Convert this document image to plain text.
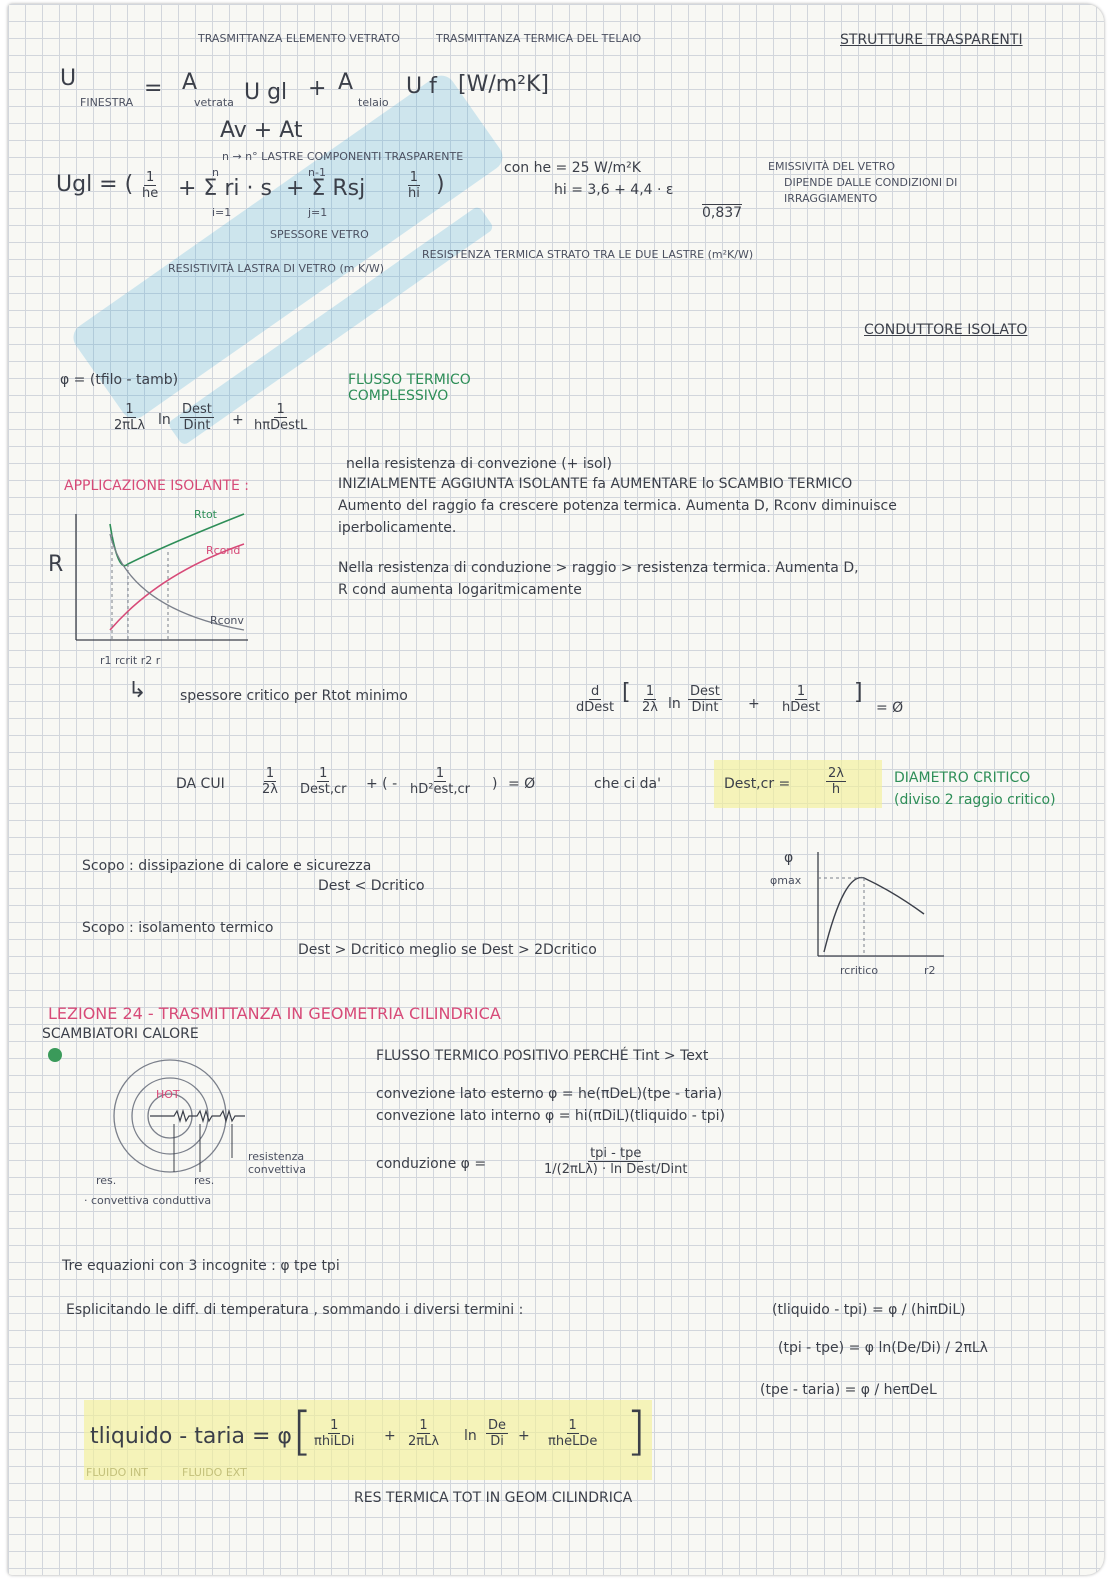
TRASMITTANZA ELEMENTO VETRATO	TRASMITTANZA TERMICA DEL TELAIO	STRUTTURE TRASPARENTI
U
FINESTRA
= A
vetrata U gl + A
telaio
U f [W/m²K]
Av + At
n → n° LASTRE COMPONENTI TRASPARENTE
Ugl = ( $\frac{1}{he}$	n
+ Σ ri · s
i=1
n-1
+ Σ Rsj
j=1
$\frac{1}{hi}$ )
SPESSORE VETRO
RESISTIVITÀ LASTRA DI VETRO (m K/W)
RESISTENZA TERMICA STRATO TRA LE DUE LASTRE (m²K/W)
con he = 25 W/m²K
hi = 3,6 + 4,4 · ε
0,837
EMISSIVITÀ DEL VETRO
DIPENDE DALLE CONDIZIONI DI
IRRAGGIAMENTO
CONDUTTORE ISOLATO
φ = (tfilo - tamb)
1
2πLλ ln
Dest
Dint +
1
hπDestL
FLUSSO TERMICO COMPLESSIVO
nella resistenza di convezione (+ isol)
APPLICAZIONE ISOLANTE :	INIZIALMENTE AGGIUNTA ISOLANTE fa AUMENTARE lo SCAMBIO TERMICO
Aumento del raggio fa crescere potenza termica. Aumenta D, Rconv diminuisce
iperbolicamente.
Nella resistenza di conduzione > raggio > resistenza termica. Aumenta D,
R cond aumenta logaritmicamente
R
Rtot
Rcond
Rconv
r1 rcrit r2 r
↳ spessore critico per Rtot minimo	d
dDest
[ $\frac{1}{2\lambda}$ ln
Dest
Dint +
1
hDest
]
= Ø
DA CUI	$\frac{1}{2\lambda}$	1
Dest,cr + ( -
1
hD²est,cr ) = Ø	che ci da'	Dest,cr =	$\frac{2\lambda}{h}$	DIAMETRO CRITICO
(diviso 2 raggio critico)
Scopo : dissipazione di calore e sicurezza
Dest < Dcritico
Scopo : isolamento termico
Dest > Dcritico meglio se Dest > 2Dcritico
φ
φmax
rcritico	r2
LEZIONE 24 - TRASMITTANZA IN GEOMETRIA CILINDRICA
SCAMBIATORI CALORE
FLUSSO TERMICO POSITIVO PERCHÉ Tint > Text
HOT
res.	res.
resistenza convettiva
· convettiva conduttiva
convezione lato esterno φ = he(πDeL)(tpe - taria)
convezione lato interno φ = hi(πDiL)(tliquido - tpi)
conduzione φ =
tpi - tpe
1/(2πLλ) · ln Dest/Dint
Tre equazioni con 3 incognite : φ tpe tpi
Esplicitando le diff. di temperatura , sommando i diversi termini :	(tliquido - tpi) = φ / (hiπDiL)
(tpi - tpe) = φ ln(De/Di) / 2πLλ
(tpe - taria) = φ / heπDeL
tliquido - taria = φ
FLUIDO INT	FLUIDO EXT
[ 1
πhiLDi +
1
2πLλ $\ln \frac{De}{Di}$ +
1
πheLDe ]
RES TERMICA TOT IN GEOM CILINDRICA
